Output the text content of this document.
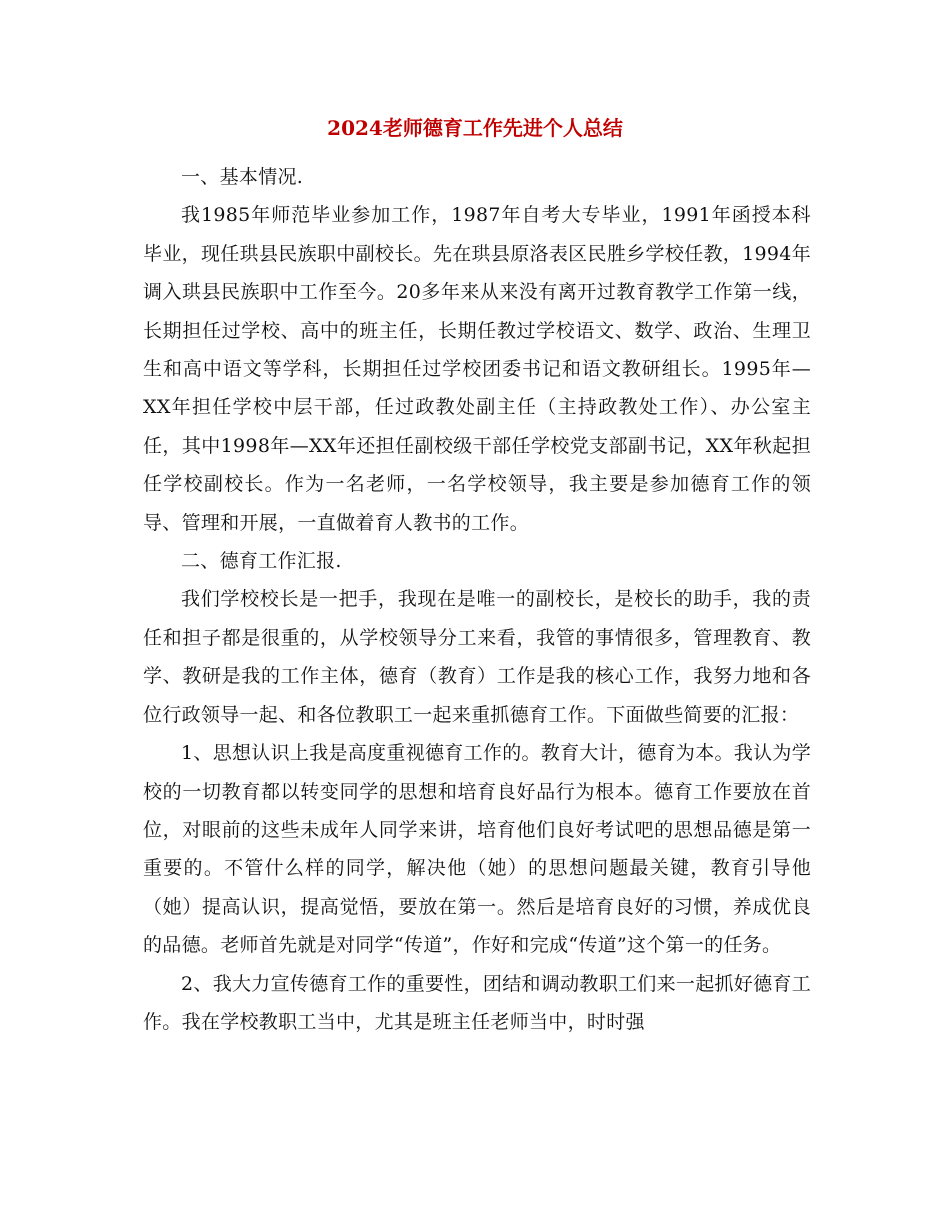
2024老师德育工作先进个人总结

一、基本情况.

我1985年师范毕业参加工作，1987年自考大专毕业，1991年函授本科毕业，现任珙县民族职中副校长。先在珙县原洛表区民胜乡学校任教，1994年调入珙县民族职中工作至今。20多年来从来没有离开过教育教学工作第一线，长期担任过学校、高中的班主任，长期任教过学校语文、数学、政治、生理卫生和高中语文等学科，长期担任过学校团委书记和语文教研组长。1995年—XX年担任学校中层干部，任过政教处副主任（主持政教处工作）、办公室主任，其中1998年—XX年还担任副校级干部任学校党支部副书记，XX年秋起担任学校副校长。作为一名老师，一名学校领导，我主要是参加德育工作的领导、管理和开展，一直做着育人教书的工作。

二、德育工作汇报.

我们学校校长是一把手，我现在是唯一的副校长，是校长的助手，我的责任和担子都是很重的，从学校领导分工来看，我管的事情很多，管理教育、教学、教研是我的工作主体，德育（教育）工作是我的核心工作，我努力地和各位行政领导一起、和各位教职工一起来重抓德育工作。下面做些简要的汇报：

1、思想认识上我是高度重视德育工作的。教育大计，德育为本。我认为学校的一切教育都以转变同学的思想和培育良好品行为根本。德育工作要放在首位，对眼前的这些未成年人同学来讲，培育他们良好考试吧的思想品德是第一重要的。不管什么样的同学，解决他（她）的思想问题最关键，教育引导他（她）提高认识，提高觉悟，要放在第一。然后是培育良好的习惯，养成优良的品德。老师首先就是对同学“传道”，作好和完成“传道”这个第一的任务。

2、我大力宣传德育工作的重要性，团结和调动教职工们来一起抓好德育工作。我在学校教职工当中，尤其是班主任老师当中，时时强
